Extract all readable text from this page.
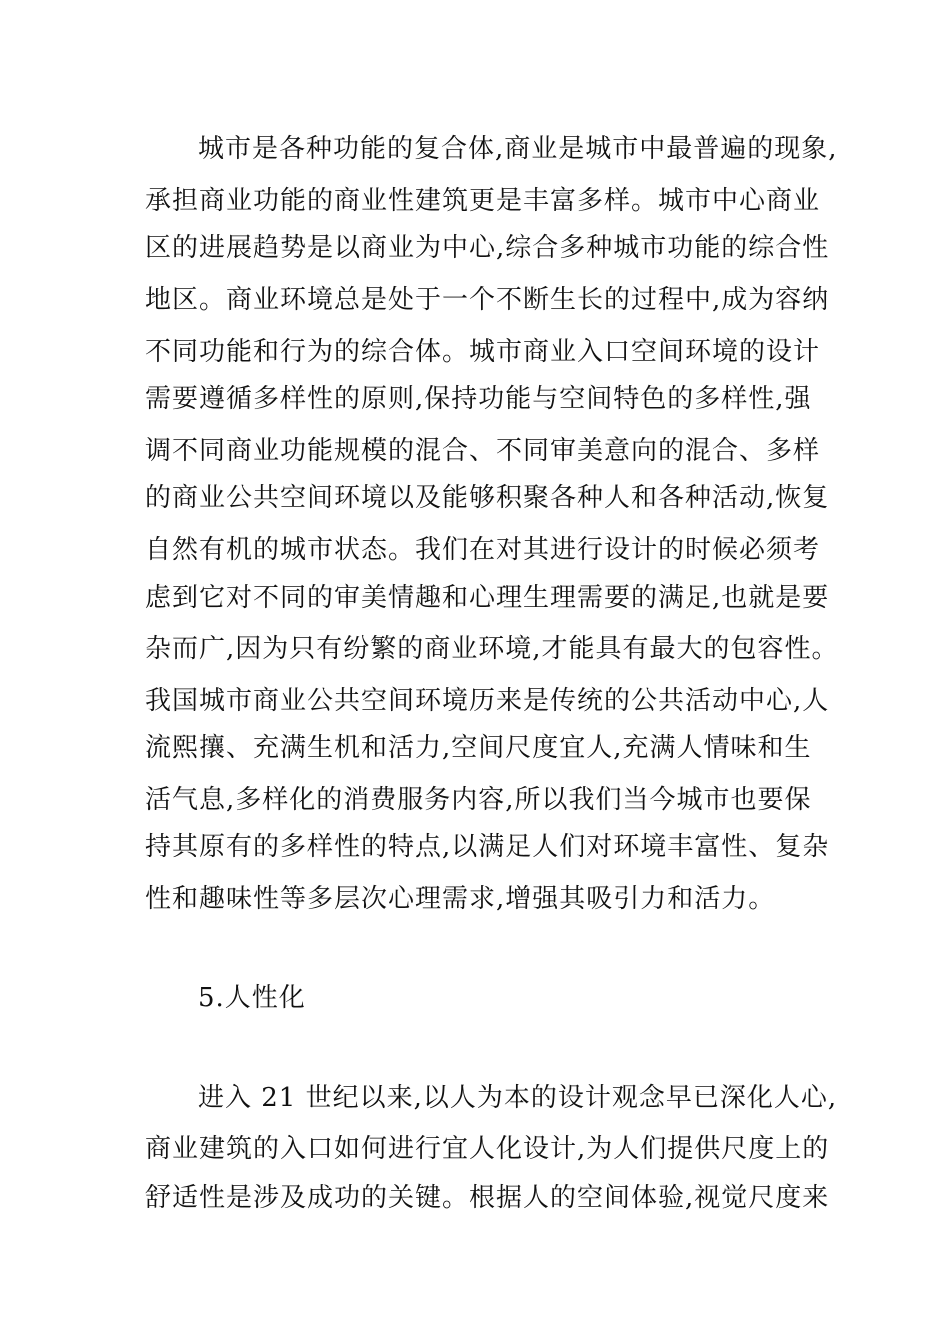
城市是各种功能的复合体,商业是城市中最普遍的现象,
承担商业功能的商业性建筑更是丰富多样。城市中心商业
区的进展趋势是以商业为中心,综合多种城市功能的综合性
地区。商业环境总是处于一个不断生长的过程中,成为容纳
不同功能和行为的综合体。城市商业入口空间环境的设计
需要遵循多样性的原则,保持功能与空间特色的多样性,强
调不同商业功能规模的混合、不同审美意向的混合、多样
的商业公共空间环境以及能够积聚各种人和各种活动,恢复
自然有机的城市状态。我们在对其进行设计的时候必须考
虑到它对不同的审美情趣和心理生理需要的满足,也就是要
杂而广,因为只有纷繁的商业环境,才能具有最大的包容性。
我国城市商业公共空间环境历来是传统的公共活动中心,人
流熙攘、充满生机和活力,空间尺度宜人,充满人情味和生
活气息,多样化的消费服务内容,所以我们当今城市也要保
持其原有的多样性的特点,以满足人们对环境丰富性、复杂
性和趣味性等多层次心理需求,增强其吸引力和活力。
5.人性化
进入 21 世纪以来,以人为本的设计观念早已深化人心,
商业建筑的入口如何进行宜人化设计,为人们提供尺度上的
舒适性是涉及成功的关键。根据人的空间体验,视觉尺度来
